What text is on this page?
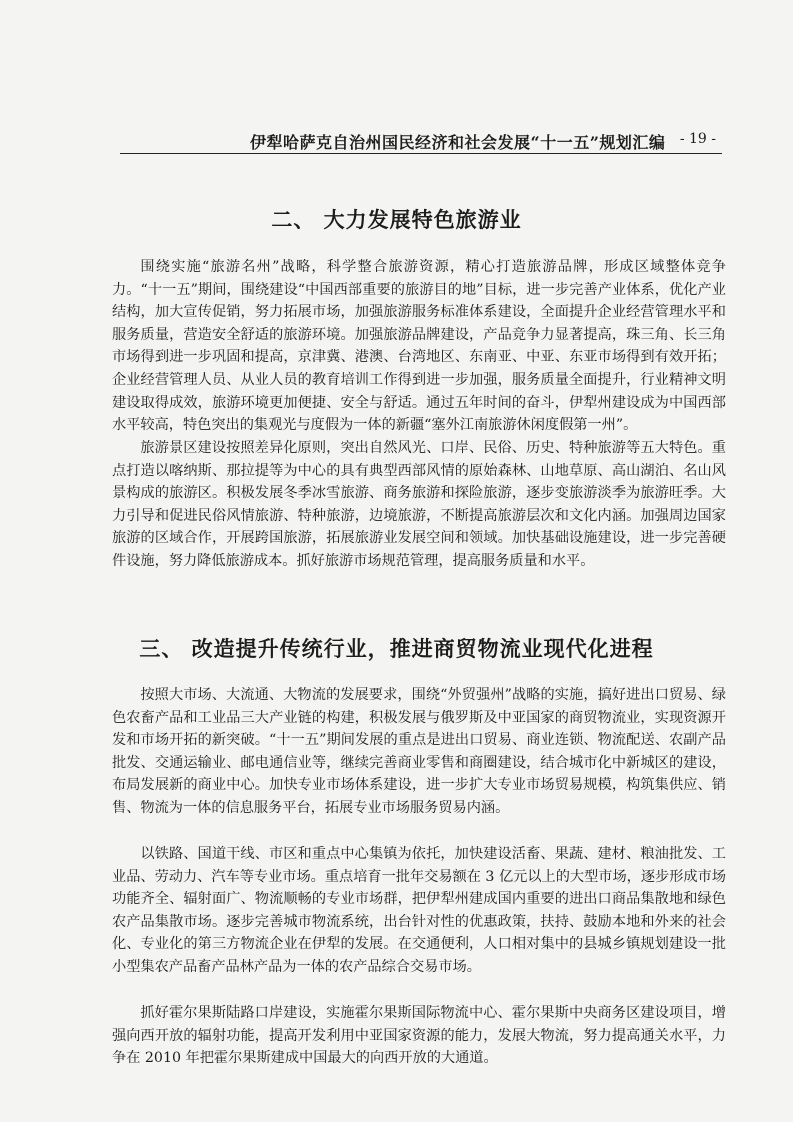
伊犁哈萨克自治州国民经济和社会发展“十一五”规划汇编 - 19 -
二、 大力发展特色旅游业

围绕实施“旅游名州”战略，科学整合旅游资源，精心打造旅游品牌，形成区域整体竞争力。“十一五”期间，围绕建设“中国西部重要的旅游目的地”目标，进一步完善产业体系，优化产业结构，加大宣传促销，努力拓展市场，加强旅游服务标准体系建设，全面提升企业经营管理水平和服务质量，营造安全舒适的旅游环境。加强旅游品牌建设，产品竞争力显著提高，珠三角、长三角市场得到进一步巩固和提高，京津冀、港澳、台湾地区、东南亚、中亚、东亚市场得到有效开拓；企业经营管理人员、从业人员的教育培训工作得到进一步加强，服务质量全面提升，行业精神文明建设取得成效，旅游环境更加便捷、安全与舒适。通过五年时间的奋斗，伊犁州建设成为中国西部水平较高，特色突出的集观光与度假为一体的新疆“塞外江南旅游休闲度假第一州”。

旅游景区建设按照差异化原则，突出自然风光、口岸、民俗、历史、特种旅游等五大特色。重点打造以喀纳斯、那拉提等为中心的具有典型西部风情的原始森林、山地草原、高山湖泊、名山风景构成的旅游区。积极发展冬季冰雪旅游、商务旅游和探险旅游，逐步变旅游淡季为旅游旺季。大力引导和促进民俗风情旅游、特种旅游，边境旅游，不断提高旅游层次和文化内涵。加强周边国家旅游的区域合作，开展跨国旅游，拓展旅游业发展空间和领域。加快基础设施建设，进一步完善硬件设施，努力降低旅游成本。抓好旅游市场规范管理，提高服务质量和水平。

三、 改造提升传统行业，推进商贸物流业现代化进程

按照大市场、大流通、大物流的发展要求，围绕“外贸强州”战略的实施，搞好进出口贸易、绿色农畜产品和工业品三大产业链的构建，积极发展与俄罗斯及中亚国家的商贸物流业，实现资源开发和市场开拓的新突破。“十一五”期间发展的重点是进出口贸易、商业连锁、物流配送、农副产品批发、交通运输业、邮电通信业等，继续完善商业零售和商圈建设，结合城市化中新城区的建设，布局发展新的商业中心。加快专业市场体系建设，进一步扩大专业市场贸易规模，构筑集供应、销售、物流为一体的信息服务平台，拓展专业市场服务贸易内涵。

以铁路、国道干线、市区和重点中心集镇为依托，加快建设活畜、果蔬、建材、粮油批发、工业品、劳动力、汽车等专业市场。重点培育一批年交易额在 3 亿元以上的大型市场，逐步形成市场功能齐全、辐射面广、物流顺畅的专业市场群，把伊犁州建成国内重要的进出口商品集散地和绿色农产品集散市场。逐步完善城市物流系统，出台针对性的优惠政策，扶持、鼓励本地和外来的社会化、专业化的第三方物流企业在伊犁的发展。在交通便利，人口相对集中的县城乡镇规划建设一批小型集农产品畜产品林产品为一体的农产品综合交易市场。

抓好霍尔果斯陆路口岸建设，实施霍尔果斯国际物流中心、霍尔果斯中央商务区建设项目，增强向西开放的辐射功能，提高开发利用中亚国家资源的能力，发展大物流，努力提高通关水平，力争在 2010 年把霍尔果斯建成中国最大的向西开放的大通道。
